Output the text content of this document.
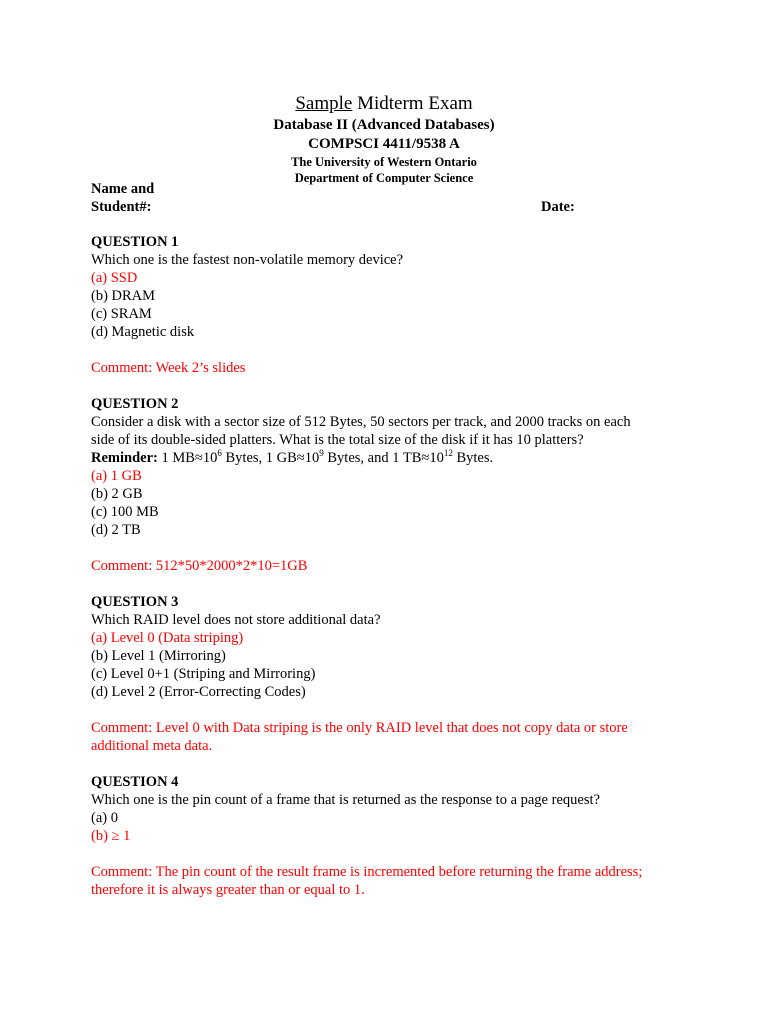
Sample Midterm Exam
Database II (Advanced Databases)
COMPSCI 4411/9538 A
The University of Western Ontario
Department of Computer Science
Name and
Student#:	Date:
QUESTION 1
Which one is the fastest non-volatile memory device?
(a) SSD
(b) DRAM
(c) SRAM
(d) Magnetic disk
Comment: Week 2’s slides
QUESTION 2
Consider a disk with a sector size of 512 Bytes, 50 sectors per track, and 2000 tracks on each
side of its double-sided platters. What is the total size of the disk if it has 10 platters?
Reminder: 1 $MB\approx 10^6$ Bytes, 1 $GB\approx 10^9$ Bytes, and 1 $TB\approx 10^{12}$ Bytes.
(a) 1 GB
(b) 2 GB
(c) 100 MB
(d) 2 TB
Comment: 512*50*2000*2*10=1GB
QUESTION 3
Which RAID level does not store additional data?
(a) Level 0 (Data striping)
(b) Level 1 (Mirroring)
(c) Level 0+1 (Striping and Mirroring)
(d) Level 2 (Error-Correcting Codes)
Comment: Level 0 with Data striping is the only RAID level that does not copy data or store
additional meta data.
QUESTION 4
Which one is the pin count of a frame that is returned as the response to a page request?
(a) 0
(b) ≥ 1
Comment: The pin count of the result frame is incremented before returning the frame address;
therefore it is always greater than or equal to 1.
